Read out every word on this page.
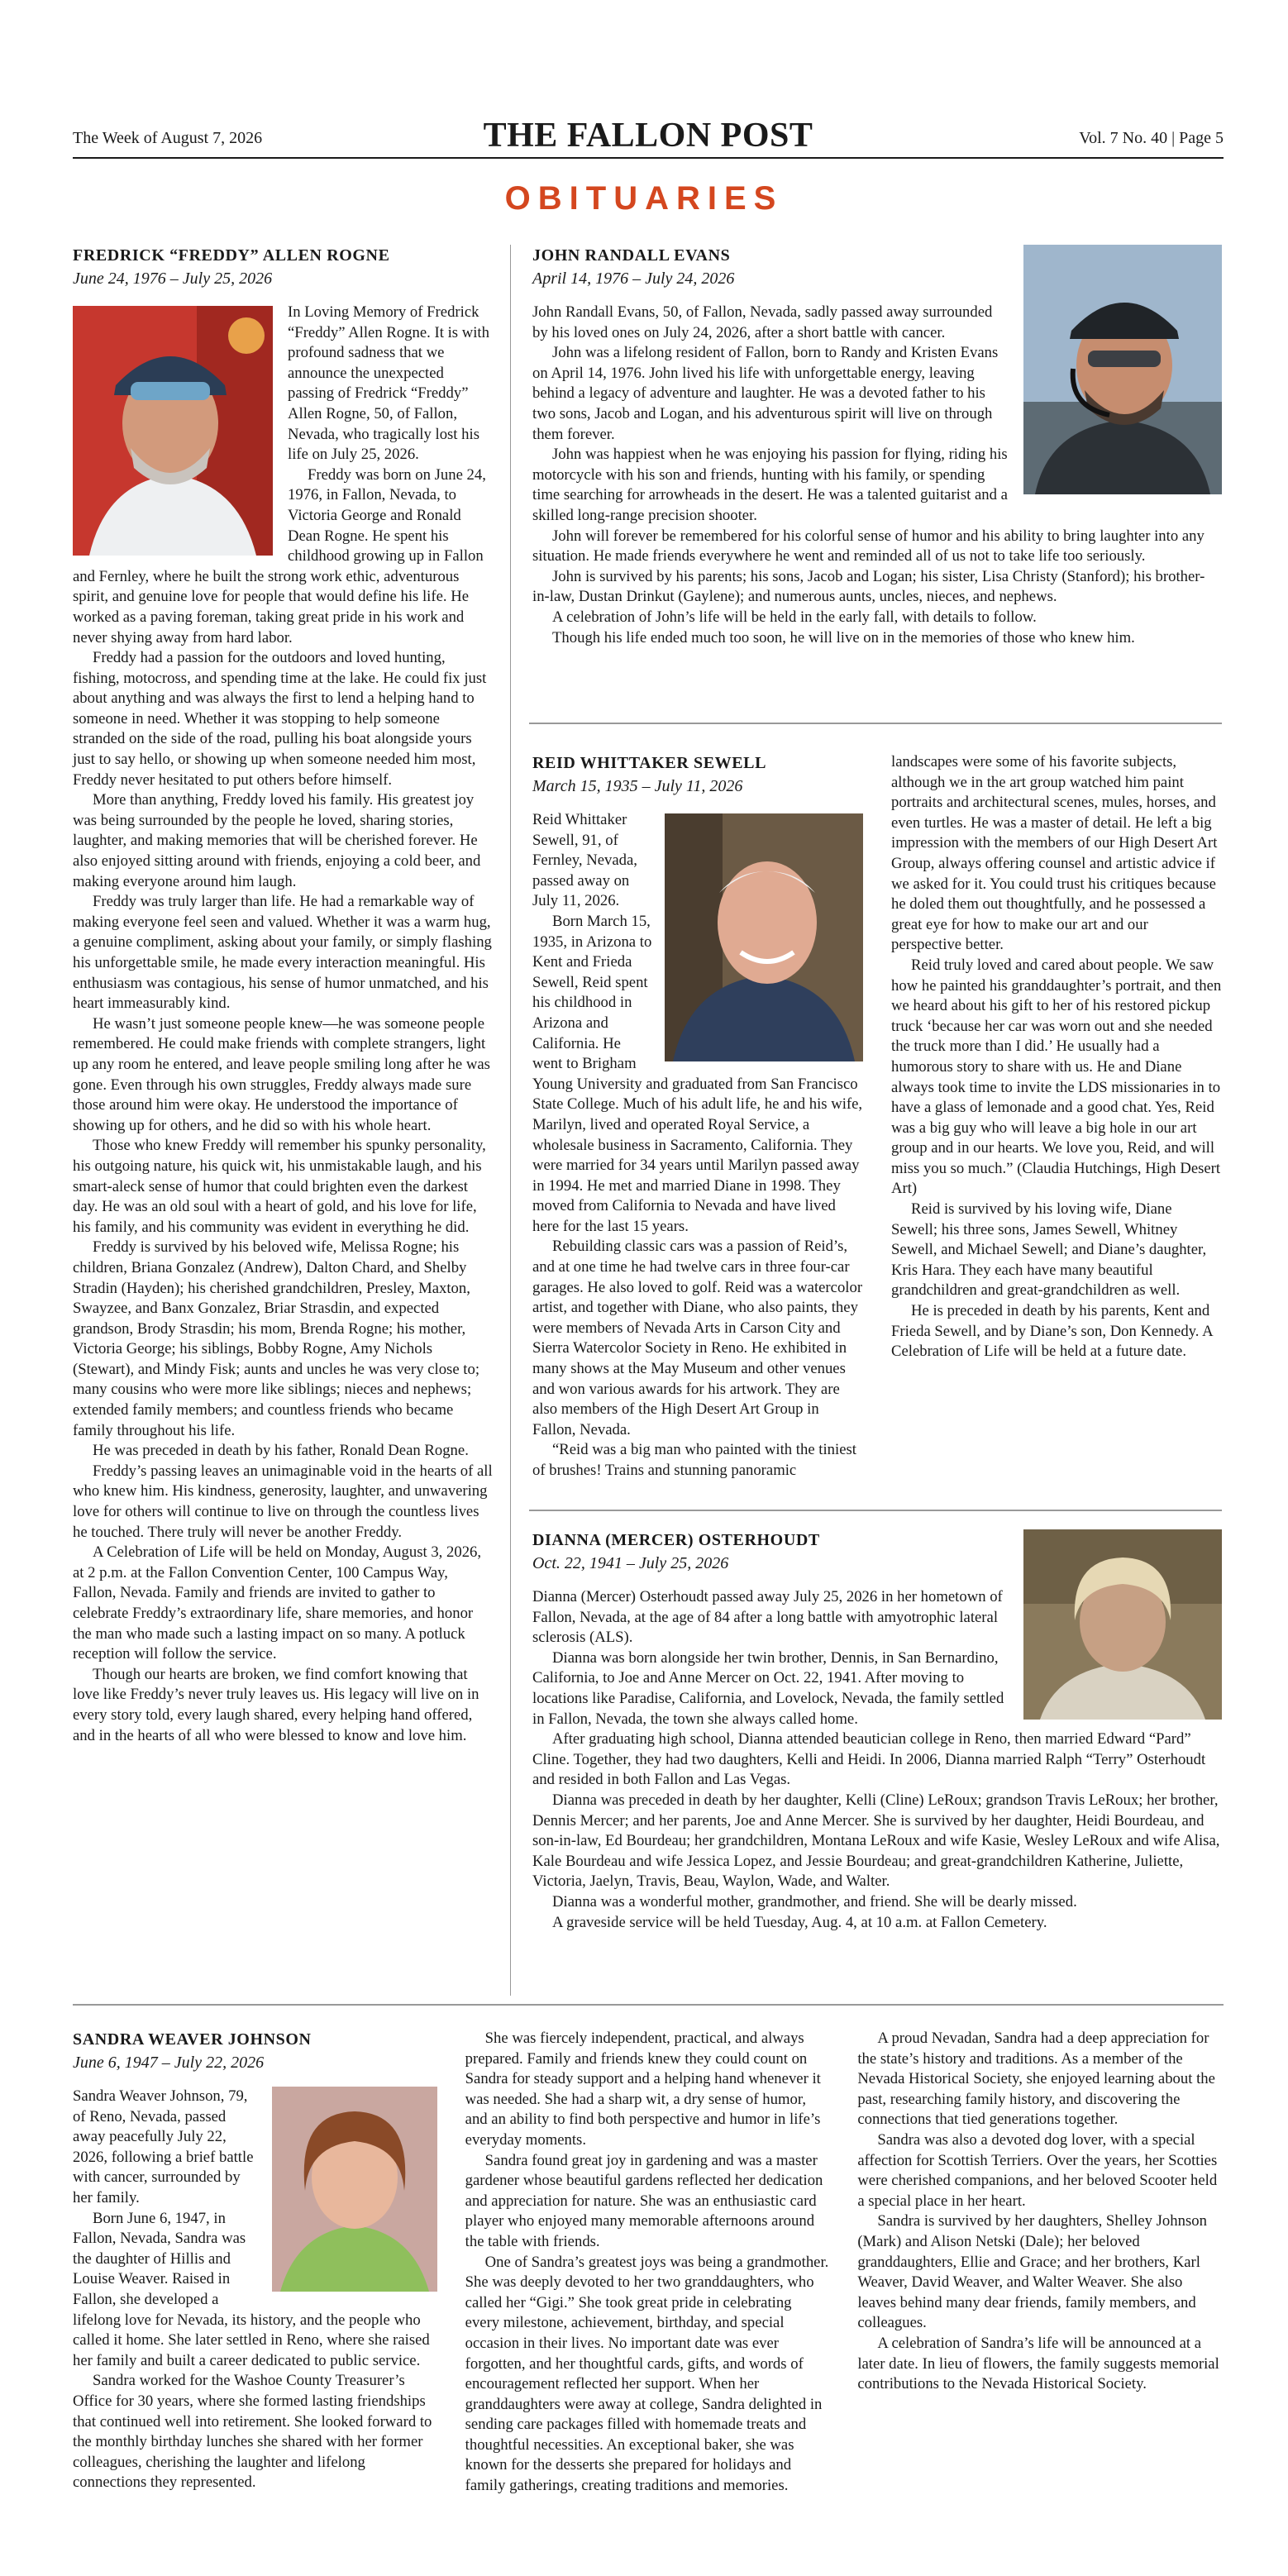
The Week of August 7, 2026	THE FALLON POST	Vol. 7 No. 40 | Page 5
OBITUARIES
FREDRICK “FREDDY” ALLEN ROGNE
June 24, 1976 – July 25, 2026

In Loving Memory of Fredrick “Freddy” Allen Rogne. It is with profound sadness that we announce the unexpected passing of Fredrick “Freddy” Allen Rogne, 50, of Fallon, Nevada, who tragically lost his life on July 25, 2026.

Freddy was born on June 24, 1976, in Fallon, Nevada, to Victoria George and Ronald Dean Rogne. He spent his childhood growing up in Fallon and Fernley, where he built the strong work ethic, adventurous spirit, and genuine love for people that would define his life. He worked as a paving foreman, taking great pride in his work and never shying away from hard labor.

Freddy had a passion for the outdoors and loved hunting, fishing, motocross, and spending time at the lake. He could fix just about anything and was always the first to lend a helping hand to someone in need. Whether it was stopping to help someone stranded on the side of the road, pulling his boat alongside yours just to say hello, or showing up when someone needed him most, Freddy never hesitated to put others before himself.

More than anything, Freddy loved his family. His greatest joy was being surrounded by the people he loved, sharing stories, laughter, and making memories that will be cherished forever. He also enjoyed sitting around with friends, enjoying a cold beer, and making everyone around him laugh.

Freddy was truly larger than life. He had a remarkable way of making everyone feel seen and valued. Whether it was a warm hug, a genuine compliment, asking about your family, or simply flashing his unforgettable smile, he made every interaction meaningful. His enthusiasm was contagious, his sense of humor unmatched, and his heart immeasurably kind.

He wasn’t just someone people knew—he was someone people remembered. He could make friends with complete strangers, light up any room he entered, and leave people smiling long after he was gone. Even through his own struggles, Freddy always made sure those around him were okay. He understood the importance of showing up for others, and he did so with his whole heart.

Those who knew Freddy will remember his spunky personality, his outgoing nature, his quick wit, his unmistakable laugh, and his smart-aleck sense of humor that could brighten even the darkest day. He was an old soul with a heart of gold, and his love for life, his family, and his community was evident in everything he did.

Freddy is survived by his beloved wife, Melissa Rogne; his children, Briana Gonzalez (Andrew), Dalton Chard, and Shelby Stradin (Hayden); his cherished grandchildren, Presley, Maxton, Swayzee, and Banx Gonzalez, Briar Strasdin, and expected grandson, Brody Strasdin; his mom, Brenda Rogne; his mother, Victoria George; his siblings, Bobby Rogne, Amy Nichols (Stewart), and Mindy Fisk; aunts and uncles he was very close to; many cousins who were more like siblings; nieces and nephews; extended family members; and countless friends who became family throughout his life.

He was preceded in death by his father, Ronald Dean Rogne.

Freddy’s passing leaves an unimaginable void in the hearts of all who knew him. His kindness, generosity, laughter, and unwavering love for others will continue to live on through the countless lives he touched. There truly will never be another Freddy.

A Celebration of Life will be held on Monday, August 3, 2026, at 2 p.m. at the Fallon Convention Center, 100 Campus Way, Fallon, Nevada. Family and friends are invited to gather to celebrate Freddy’s extraordinary life, share memories, and honor the man who made such a lasting impact on so many. A potluck reception will follow the service.

Though our hearts are broken, we find comfort knowing that love like Freddy’s never truly leaves us. His legacy will live on in every story told, every laugh shared, every helping hand offered, and in the hearts of all who were blessed to know and love him.

JOHN RANDALL EVANS
April 14, 1976 – July 24, 2026

John Randall Evans, 50, of Fallon, Nevada, sadly passed away surrounded by his loved ones on July 24, 2026, after a short battle with cancer.

John was a lifelong resident of Fallon, born to Randy and Kristen Evans on April 14, 1976. John lived his life with unforgettable energy, leaving behind a legacy of adventure and laughter. He was a devoted father to his two sons, Jacob and Logan, and his adventurous spirit will live on through them forever.

John was happiest when he was enjoying his passion for flying, riding his motorcycle with his son and friends, hunting with his family, or spending time searching for arrowheads in the desert. He was a talented guitarist and a skilled long-range precision shooter.

John will forever be remembered for his colorful sense of humor and his ability to bring laughter into any situation. He made friends everywhere he went and reminded all of us not to take life too seriously.

John is survived by his parents; his sons, Jacob and Logan; his sister, Lisa Christy (Stanford); his brother-in-law, Dustan Drinkut (Gaylene); and numerous aunts, uncles, nieces, and nephews.

A celebration of John’s life will be held in the early fall, with details to follow.

Though his life ended much too soon, he will live on in the memories of those who knew him.

REID WHITTAKER SEWELL
March 15, 1935 – July 11, 2026

Reid Whittaker Sewell, 91, of Fernley, Nevada, passed away on July 11, 2026.

Born March 15, 1935, in Arizona to Kent and Frieda Sewell, Reid spent his childhood in Arizona and California. He went to Brigham Young University and graduated from San Francisco State College. Much of his adult life, he and his wife, Marilyn, lived and operated Royal Service, a wholesale business in Sacramento, California. They were married for 34 years until Marilyn passed away in 1994. He met and married Diane in 1998. They moved from California to Nevada and have lived here for the last 15 years.

Rebuilding classic cars was a passion of Reid’s, and at one time he had twelve cars in three four-car garages. He also loved to golf. Reid was a watercolor artist, and together with Diane, who also paints, they were members of Nevada Arts in Carson City and Sierra Watercolor Society in Reno. He exhibited in many shows at the May Museum and other venues and won various awards for his artwork. They are also members of the High Desert Art Group in Fallon, Nevada.

“Reid was a big man who painted with the tiniest of brushes! Trains and stunning panoramic landscapes were some of his favorite subjects, although we in the art group watched him paint portraits and architectural scenes, mules, horses, and even turtles. He was a master of detail. He left a big impression with the members of our High Desert Art Group, always offering counsel and artistic advice if we asked for it. You could trust his critiques because he doled them out thoughtfully, and he possessed a great eye for how to make our art and our perspective better.

Reid truly loved and cared about people. We saw how he painted his granddaughter’s portrait, and then we heard about his gift to her of his restored pickup truck ‘because her car was worn out and she needed the truck more than I did.’ He usually had a humorous story to share with us. He and Diane always took time to invite the LDS missionaries in to have a glass of lemonade and a good chat. Yes, Reid was a big guy who will leave a big hole in our art group and in our hearts. We love you, Reid, and will miss you so much.” (Claudia Hutchings, High Desert Art)

Reid is survived by his loving wife, Diane Sewell; his three sons, James Sewell, Whitney Sewell, and Michael Sewell; and Diane’s daughter, Kris Hara. They each have many beautiful grandchildren and great-grandchildren as well.

He is preceded in death by his parents, Kent and Frieda Sewell, and by Diane’s son, Don Kennedy. A Celebration of Life will be held at a future date.

DIANNA (MERCER) OSTERHOUDT
Oct. 22, 1941 – July 25, 2026

Dianna (Mercer) Osterhoudt passed away July 25, 2026 in her hometown of Fallon, Nevada, at the age of 84 after a long battle with amyotrophic lateral sclerosis (ALS).

Dianna was born alongside her twin brother, Dennis, in San Bernardino, California, to Joe and Anne Mercer on Oct. 22, 1941. After moving to locations like Paradise, California, and Lovelock, Nevada, the family settled in Fallon, Nevada, the town she always called home.

After graduating high school, Dianna attended beautician college in Reno, then married Edward “Pard” Cline. Together, they had two daughters, Kelli and Heidi. In 2006, Dianna married Ralph “Terry” Osterhoudt and resided in both Fallon and Las Vegas.

Dianna was preceded in death by her daughter, Kelli (Cline) LeRoux; grandson Travis LeRoux; her brother, Dennis Mercer; and her parents, Joe and Anne Mercer. She is survived by her daughter, Heidi Bourdeau, and son-in-law, Ed Bourdeau; her grandchildren, Montana LeRoux and wife Kasie, Wesley LeRoux and wife Alisa, Kale Bourdeau and wife Jessica Lopez, and Jessie Bourdeau; and great-grandchildren Katherine, Juliette, Victoria, Jaelyn, Travis, Beau, Waylon, Wade, and Walter.

Dianna was a wonderful mother, grandmother, and friend. She will be dearly missed.

A graveside service will be held Tuesday, Aug. 4, at 10 a.m. at Fallon Cemetery.

SANDRA WEAVER JOHNSON
June 6, 1947 – July 22, 2026

Sandra Weaver Johnson, 79, of Reno, Nevada, passed away peacefully July 22, 2026, following a brief battle with cancer, surrounded by her family.

Born June 6, 1947, in Fallon, Nevada, Sandra was the daughter of Hillis and Louise Weaver. Raised in Fallon, she developed a lifelong love for Nevada, its history, and the people who called it home. She later settled in Reno, where she raised her family and built a career dedicated to public service.

Sandra worked for the Washoe County Treasurer’s Office for 30 years, where she formed lasting friendships that continued well into retirement. She looked forward to the monthly birthday lunches she shared with her former colleagues, cherishing the laughter and lifelong connections they represented.

She was fiercely independent, practical, and always prepared. Family and friends knew they could count on Sandra for steady support and a helping hand whenever it was needed. She had a sharp wit, a dry sense of humor, and an ability to find both perspective and humor in life’s everyday moments.

Sandra found great joy in gardening and was a master gardener whose beautiful gardens reflected her dedication and appreciation for nature. She was an enthusiastic card player who enjoyed many memorable afternoons around the table with friends.

One of Sandra’s greatest joys was being a grandmother. She was deeply devoted to her two granddaughters, who called her “Gigi.” She took great pride in celebrating every milestone, achievement, birthday, and special occasion in their lives. No important date was ever forgotten, and her thoughtful cards, gifts, and words of encouragement reflected her support. When her granddaughters were away at college, Sandra delighted in sending care packages filled with homemade treats and thoughtful necessities. An exceptional baker, she was known for the desserts she prepared for holidays and family gatherings, creating traditions and memories.

A proud Nevadan, Sandra had a deep appreciation for the state’s history and traditions. As a member of the Nevada Historical Society, she enjoyed learning about the past, researching family history, and discovering the connections that tied generations together.

Sandra was also a devoted dog lover, with a special affection for Scottish Terriers. Over the years, her Scotties were cherished companions, and her beloved Scooter held a special place in her heart.

Sandra is survived by her daughters, Shelley Johnson (Mark) and Alison Netski (Dale); her beloved granddaughters, Ellie and Grace; and her brothers, Karl Weaver, David Weaver, and Walter Weaver. She also leaves behind many dear friends, family members, and colleagues.

A celebration of Sandra’s life will be announced at a later date. In lieu of flowers, the family suggests memorial contributions to the Nevada Historical Society.
